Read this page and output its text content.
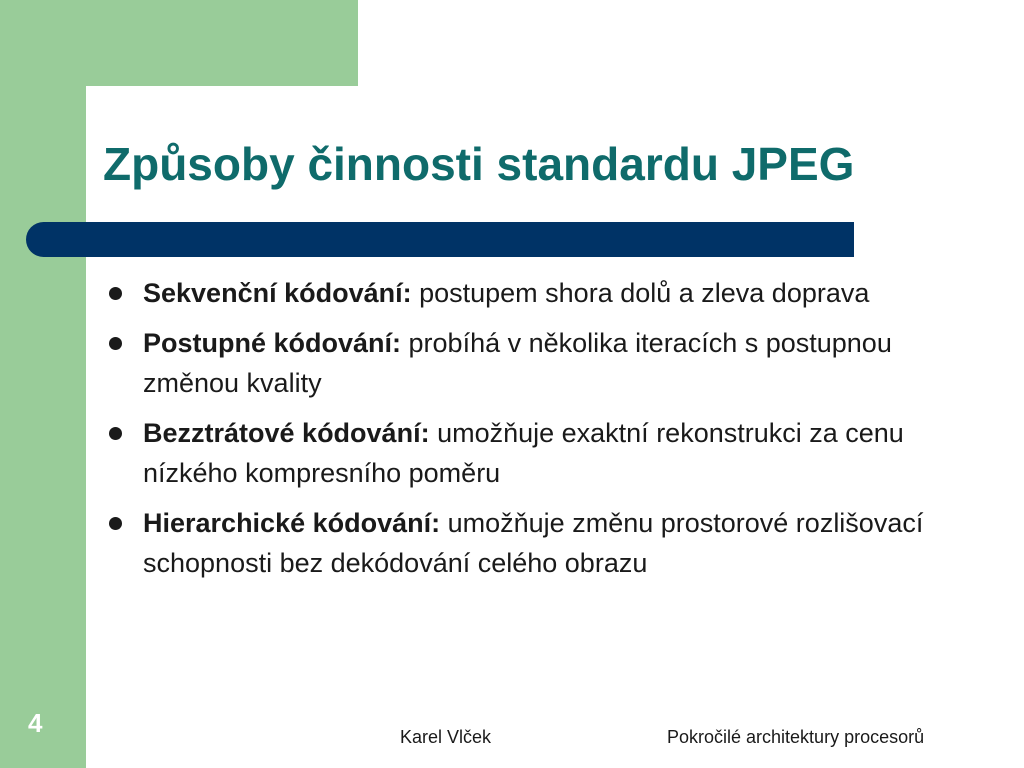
Způsoby činnosti standardu JPEG
Sekvenční kódování: postupem shora dolů a zleva doprava
Postupné kódování: probíhá v několika iteracích s postupnou změnou kvality
Bezztrátové kódování: umožňuje exaktní rekonstrukci za cenu nízkého kompresního poměru
Hierarchické kódování: umožňuje změnu prostorové rozlišovací schopnosti bez dekódování celého obrazu
4	Karel Vlček	Pokročilé architektury procesorů
